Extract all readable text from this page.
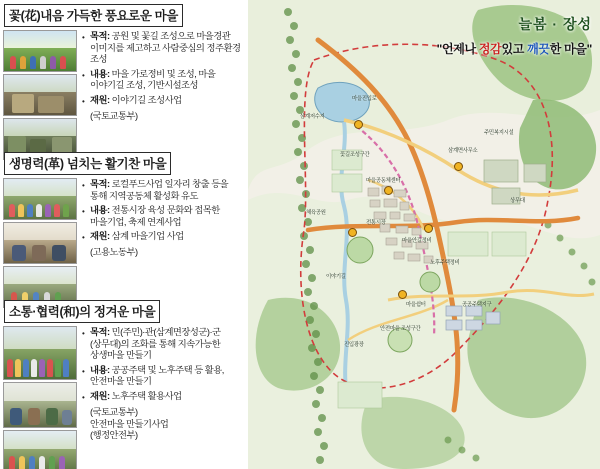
꽃(花)내음 가득한 풍요로운 마을
• 목적: 공원 및 꽃길 조성으로 마을경관 이미지를 제고하고 사람중심의 정주환경 조성
• 내용: 마을 가로정비 및 조성, 마을 이야기길 조성, 기반시설조성
• 재원: 이야기길 조성사업
(국토교통부)
생명력(革) 넘치는 활기찬 마을
• 목적: 로컬푸드사업 일자리 창출 등을 통해 지역공동체 활성화 유도
• 내용: 전통시장 육성 문화와 접목한 마을기업, 축제 연계사업
• 재원: 삼계 마을기업 사업
(고용노동부)
소통·협력(和)의 정겨운 마을
• 목적: 민(주민)·관(삼계면장성군)·군(상무대)의 조화를 통해 지속가능한 상생마을 만들기
• 내용: 공공주택 및 노후주택 등 활용, 안전마을 만들기
• 재원: 노후주택 활용사업
(국토교통부)
안전마을 만들기사업
(행정안전부)
늘봄 · 장성
"언제나 정감있고 깨끗한 마을"
삼계저수지
마을진입로
꽃길조성구간
마을공동체센터
체육공원
전통시장
마을안길정비
노후주택정비
상무대
삼계면사무소
주민복지시설
공공주택지구
안전마을 조성구간
이야기길
마을쉼터
진입광장
